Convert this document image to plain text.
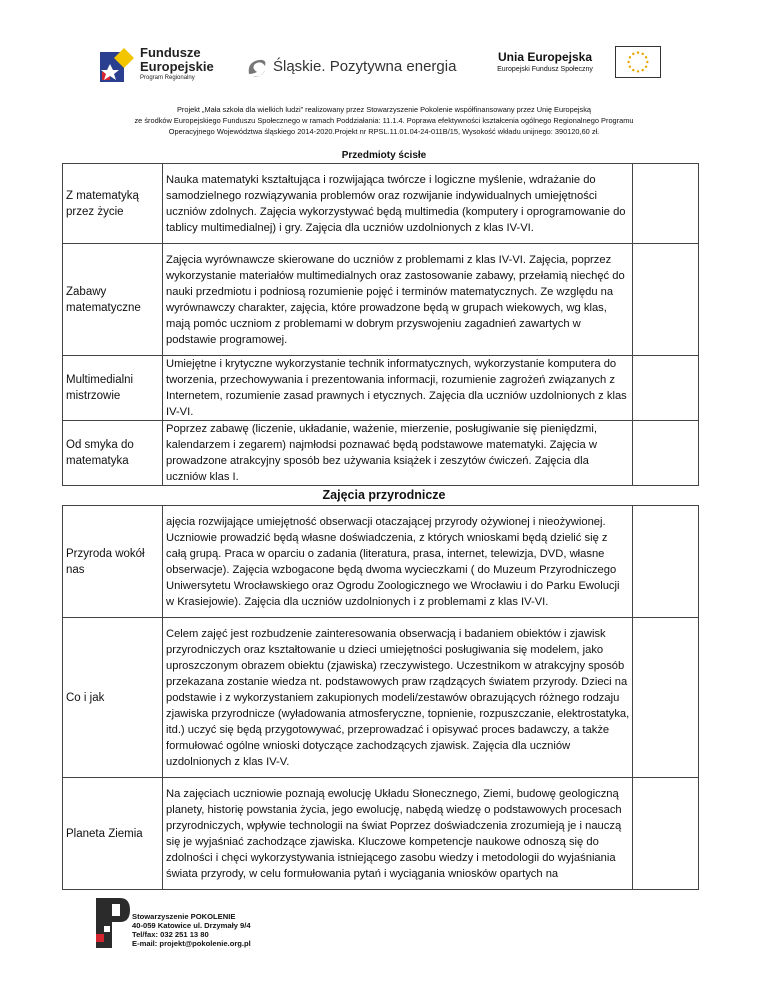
Fundusze
Europejskie
Program Regionalny
Śląskie. Pozytywna energia
Unia Europejska
Europejski Fundusz Społeczny
Projekt „Mała szkoła dla wielkich ludzi” realizowany przez Stowarzyszenie Pokolenie współfinansowany przez Unię Europejską
ze środków Europejskiego Funduszu Społecznego w ramach Poddziałania: 11.1.4. Poprawa efektywności kształcenia ogólnego Regionalnego Programu
Operacyjnego Województwa śląskiego 2014-2020.Projekt nr RPSL.11.01.04-24-011B/15, Wysokość wkładu unijnego: 390120,60 zł.
Przedmioty ścisłe
Z matematyką przez życie	Nauka matematyki kształtująca i rozwijająca twórcze i logiczne myślenie, wdrażanie do samodzielnego rozwiązywania problemów oraz rozwijanie indywidualnych umiejętności uczniów zdolnych. Zajęcia wykorzystywać będą multimedia (komputery i oprogramowanie do tablicy multimedialnej) i gry. Zajęcia dla uczniów uzdolnionych z klas IV-VI.	
Zabawy matematyczne	Zajęcia wyrównawcze skierowane do uczniów z problemami z klas IV-VI. Zajęcia, poprzez wykorzystanie materiałów multimedialnych oraz zastosowanie zabawy, przełamią niechęć do nauki przedmiotu i podniosą rozumienie pojęć i terminów matematycznych. Ze względu na wyrównawczy charakter, zajęcia, które prowadzone będą w grupach wiekowych, wg klas, mają pomóc uczniom z problemami w dobrym przyswojeniu zagadnień zawartych w podstawie programowej.	
Multimedialni mistrzowie	Umiejętne i krytyczne wykorzystanie technik informatycznych, wykorzystanie komputera do tworzenia, przechowywania i prezentowania informacji, rozumienie zagrożeń związanych z Internetem, rozumienie zasad prawnych i etycznych. Zajęcia dla uczniów uzdolnionych z klas IV-VI.	
Od smyka do matematyka	Poprzez zabawę (liczenie, układanie, ważenie, mierzenie, posługiwanie się pieniędzmi, kalendarzem i zegarem) najmłodsi poznawać będą podstawowe matematyki. Zajęcia w prowadzone atrakcyjny sposób bez używania książek i zeszytów ćwiczeń. Zajęcia dla uczniów klas I.	
Zajęcia przyrodnicze
Przyroda wokół nas	ajęcia rozwijające umiejętność obserwacji otaczającej przyrody ożywionej i nieożywionej. Uczniowie prowadzić będą własne doświadczenia, z których wnioskami będą dzielić się z całą grupą. Praca w oparciu o zadania (literatura, prasa, internet, telewizja, DVD, własne obserwacje). Zajęcia wzbogacone będą dwoma wycieczkami ( do Muzeum Przyrodniczego Uniwersytetu Wrocławskiego oraz Ogrodu Zoologicznego we Wrocławiu i do Parku Ewolucji w Krasiejowie). Zajęcia dla uczniów uzdolnionych i z problemami z klas IV-VI.	
Co i jak	Celem zajęć jest rozbudzenie zainteresowania obserwacją i badaniem obiektów i zjawisk przyrodniczych oraz kształtowanie u dzieci umiejętności posługiwania się modelem, jako uproszczonym obrazem obiektu (zjawiska) rzeczywistego. Uczestnikom w atrakcyjny sposób przekazana zostanie wiedza nt. podstawowych praw rządzących światem przyrody. Dzieci na podstawie i z wykorzystaniem zakupionych modeli/zestawów obrazujących różnego rodzaju zjawiska przyrodnicze (wyładowania atmosferyczne, topnienie, rozpuszczanie, elektrostatyka, itd.) uczyć się będą przygotowywać, przeprowadzać i opisywać proces badawczy, a także formułować ogólne wnioski dotyczące zachodzących zjawisk. Zajęcia dla uczniów uzdolnionych z klas IV-V.	
Planeta Ziemia	Na zajęciach uczniowie poznają ewolucję Układu Słonecznego, Ziemi, budowę geologiczną planety, historię powstania życia, jego ewolucję, nabędą wiedzę o podstawowych procesach przyrodniczych, wpływie technologii na świat Poprzez doświadczenia zrozumieją je i nauczą się je wyjaśniać zachodzące zjawiska. Kluczowe kompetencje naukowe odnoszą się do zdolności i chęci wykorzystywania istniejącego zasobu wiedzy i metodologii do wyjaśniania świata przyrody, w celu formułowania pytań i wyciągania wniosków opartych na	
Stowarzyszenie POKOLENIE
40-059 Katowice ul. Drzymały 9/4
Tel/fax: 032 251 13 80
E-mail: projekt@pokolenie.org.pl
